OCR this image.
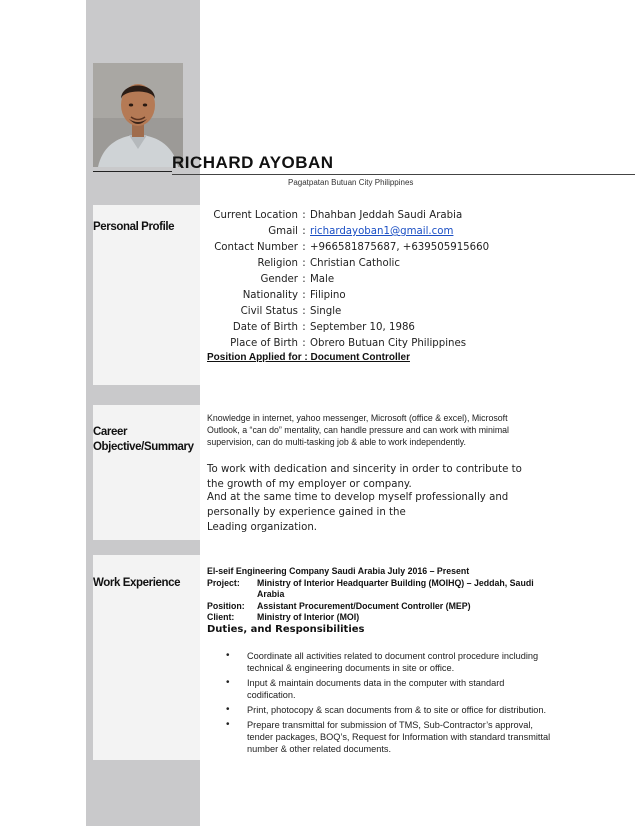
RICHARD AYOBAN
Pagatpatan Butuan City Philippines
Personal Profile
Current Location : Dhahban Jeddah Saudi Arabia
Gmail : richardayoban1@gmail.com
Contact Number : +966581875687, +639505915660
Religion : Christian Catholic
Gender : Male
Nationality : Filipino
Civil Status : Single
Date of Birth : September 10, 1986
Place of Birth : Obrero Butuan City Philippines
Position Applied for : Document Controller
Career
Objective/Summary
Knowledge in internet, yahoo messenger, Microsoft (office & excel), Microsoft Outlook, a “can do” mentality, can handle pressure and can work with minimal supervision, can do multi-tasking job & able to work independently.
To work with dedication and sincerity in order to contribute to the growth of my employer or company.
And at the same time to develop myself professionally and personally by experience gained in the
Leading organization.
Work Experience
El-seif Engineering Company Saudi Arabia July 2016 – Present
Project:	Ministry of Interior Headquarter Building (MOIHQ) – Jeddah, Saudi Arabia
Position:	Assistant Procurement/Document Controller (MEP)
Client:	Ministry of Interior (MOI)
Duties, and Responsibilities
• Coordinate all activities related to document control procedure including technical & engineering documents in site or office.
• Input & maintain documents data in the computer with standard codification.
• Print, photocopy & scan documents from & to site or office for distribution.
• Prepare transmittal for submission of TMS, Sub-Contractor’s approval, tender packages, BOQ’s, Request for Information with standard transmittal number & other related documents.
